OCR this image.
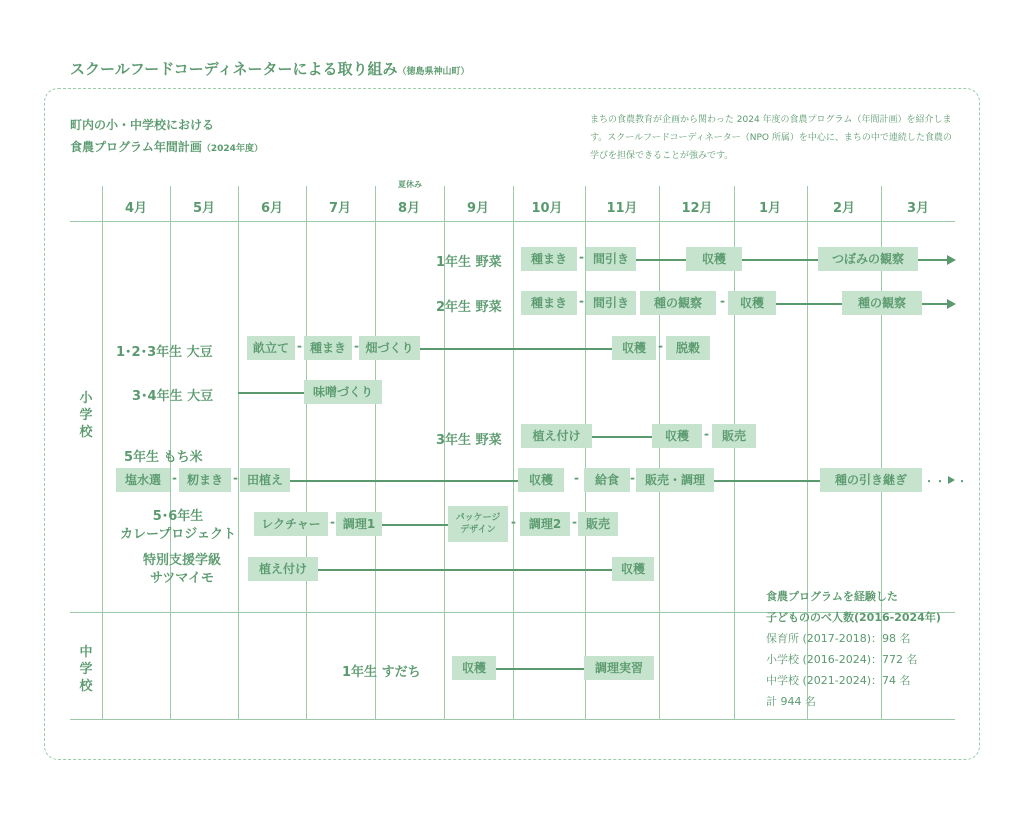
スクールフードコーディネーターによる取り組み（徳島県神山町）
町内の小・中学校における
食農プログラム年間計画（2024年度）
まちの食農教育が企画から関わった 2024 年度の食農プログラム（年間計画）を紹介します。スクールフードコーディネーター（NPO 所属）を中心に、まちの中で連続した食農の学びを担保できることが強みです。
夏休み
4月	5月	6月	7月	8月	9月	10月	11月	12月	1月	2月	3月
小学校
中学校
1年生 野菜	種まき	- 間引き	収穫	つぼみの観察
2年生 野菜	種まき	- 間引き	種の観察	-	収穫	種の観察
1･2･3年生 大豆	畝立て - 種まき - 畑づくり	収穫	-	脱穀
3･4年生 大豆	味噌づくり
3年生 野菜	植え付け	収穫	-	販売
5年生 もち米
塩水選 - 籾まき - 田植え	収穫	-	給食 - 販売・調理	種の引き継ぎ	・・・・
5･6年生
カレープロジェクト
レクチャー - 調理1	パッケージ
デザイン
-	調理2 - 販売
特別支援学級
サツマイモ
植え付け	収穫
1年生 すだち	収穫	調理実習
食農プログラムを経験した
子どもののべ人数(2016-2024年)
保育所 (2017-2018)：98 名
小学校 (2016-2024)：772 名
中学校 (2021-2024)：74 名
計 944 名
